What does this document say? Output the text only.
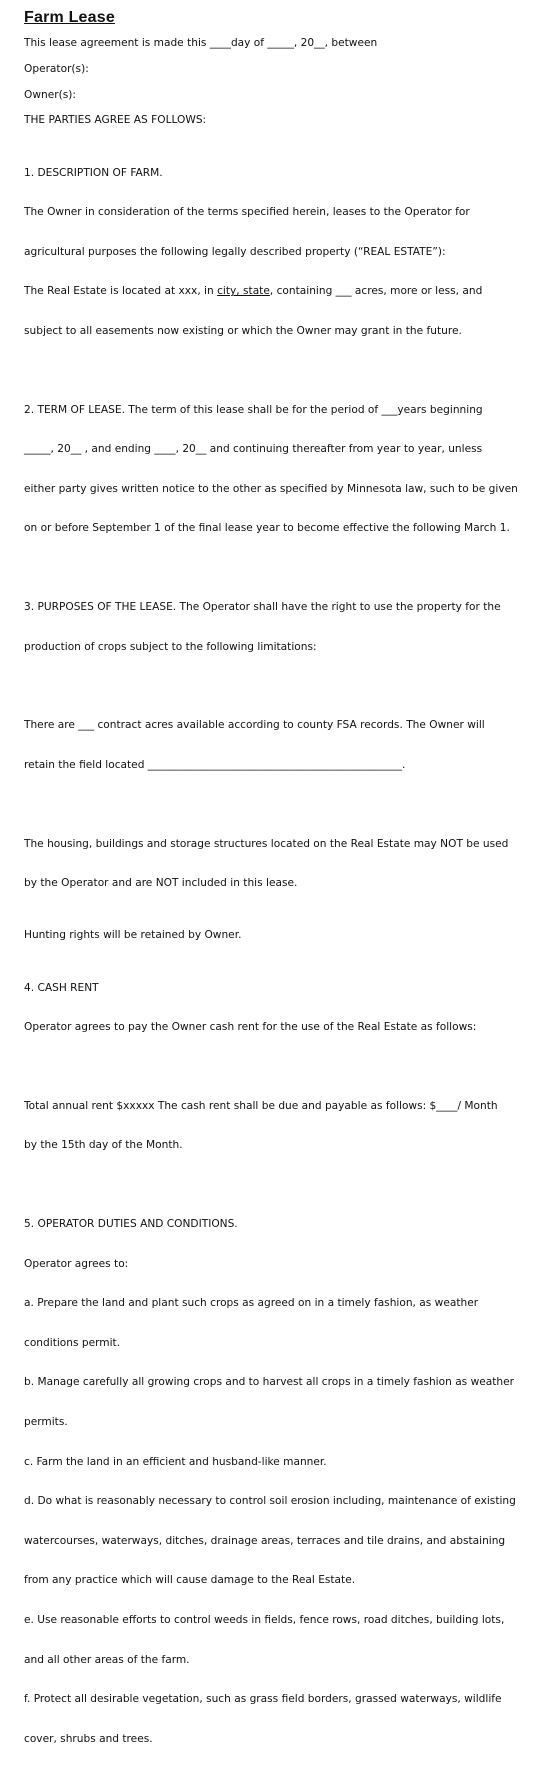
Farm Lease
This lease agreement is made this ____day of _____, 20__, between
Operator(s):
Owner(s):
THE PARTIES AGREE AS FOLLOWS:

1. DESCRIPTION OF FARM.

The Owner in consideration of the terms specified herein, leases to the Operator for

agricultural purposes the following legally described property (“REAL ESTATE”):

The Real Estate is located at xxx, in city, state, containing ___ acres, more or less, and

subject to all easements now existing or which the Owner may grant in the future.

2. TERM OF LEASE. The term of this lease shall be for the period of ___years beginning

_____, 20__ , and ending ____, 20__ and continuing thereafter from year to year, unless

either party gives written notice to the other as specified by Minnesota law, such to be given

on or before September 1 of the final lease year to become effective the following March 1.

3. PURPOSES OF THE LEASE. The Operator shall have the right to use the property for the

production of crops subject to the following limitations:

There are ___ contract acres available according to county FSA records. The Owner will

retain the field located ________________________________________________.

The housing, buildings and storage structures located on the Real Estate may NOT be used

by the Operator and are NOT included in this lease.

Hunting rights will be retained by Owner.

4. CASH RENT

Operator agrees to pay the Owner cash rent for the use of the Real Estate as follows:

Total annual rent $xxxxx The cash rent shall be due and payable as follows: $____/ Month

by the 15th day of the Month.

5. OPERATOR DUTIES AND CONDITIONS.

Operator agrees to:

a. Prepare the land and plant such crops as agreed on in a timely fashion, as weather

conditions permit.

b. Manage carefully all growing crops and to harvest all crops in a timely fashion as weather

permits.

c. Farm the land in an efficient and husband-like manner.

d. Do what is reasonably necessary to control soil erosion including, maintenance of existing

watercourses, waterways, ditches, drainage areas, terraces and tile drains, and abstaining

from any practice which will cause damage to the Real Estate.

e. Use reasonable efforts to control weeds in fields, fence rows, road ditches, building lots,

and all other areas of the farm.

f. Protect all desirable vegetation, such as grass field borders, grassed waterways, wildlife

cover, shrubs and trees.
